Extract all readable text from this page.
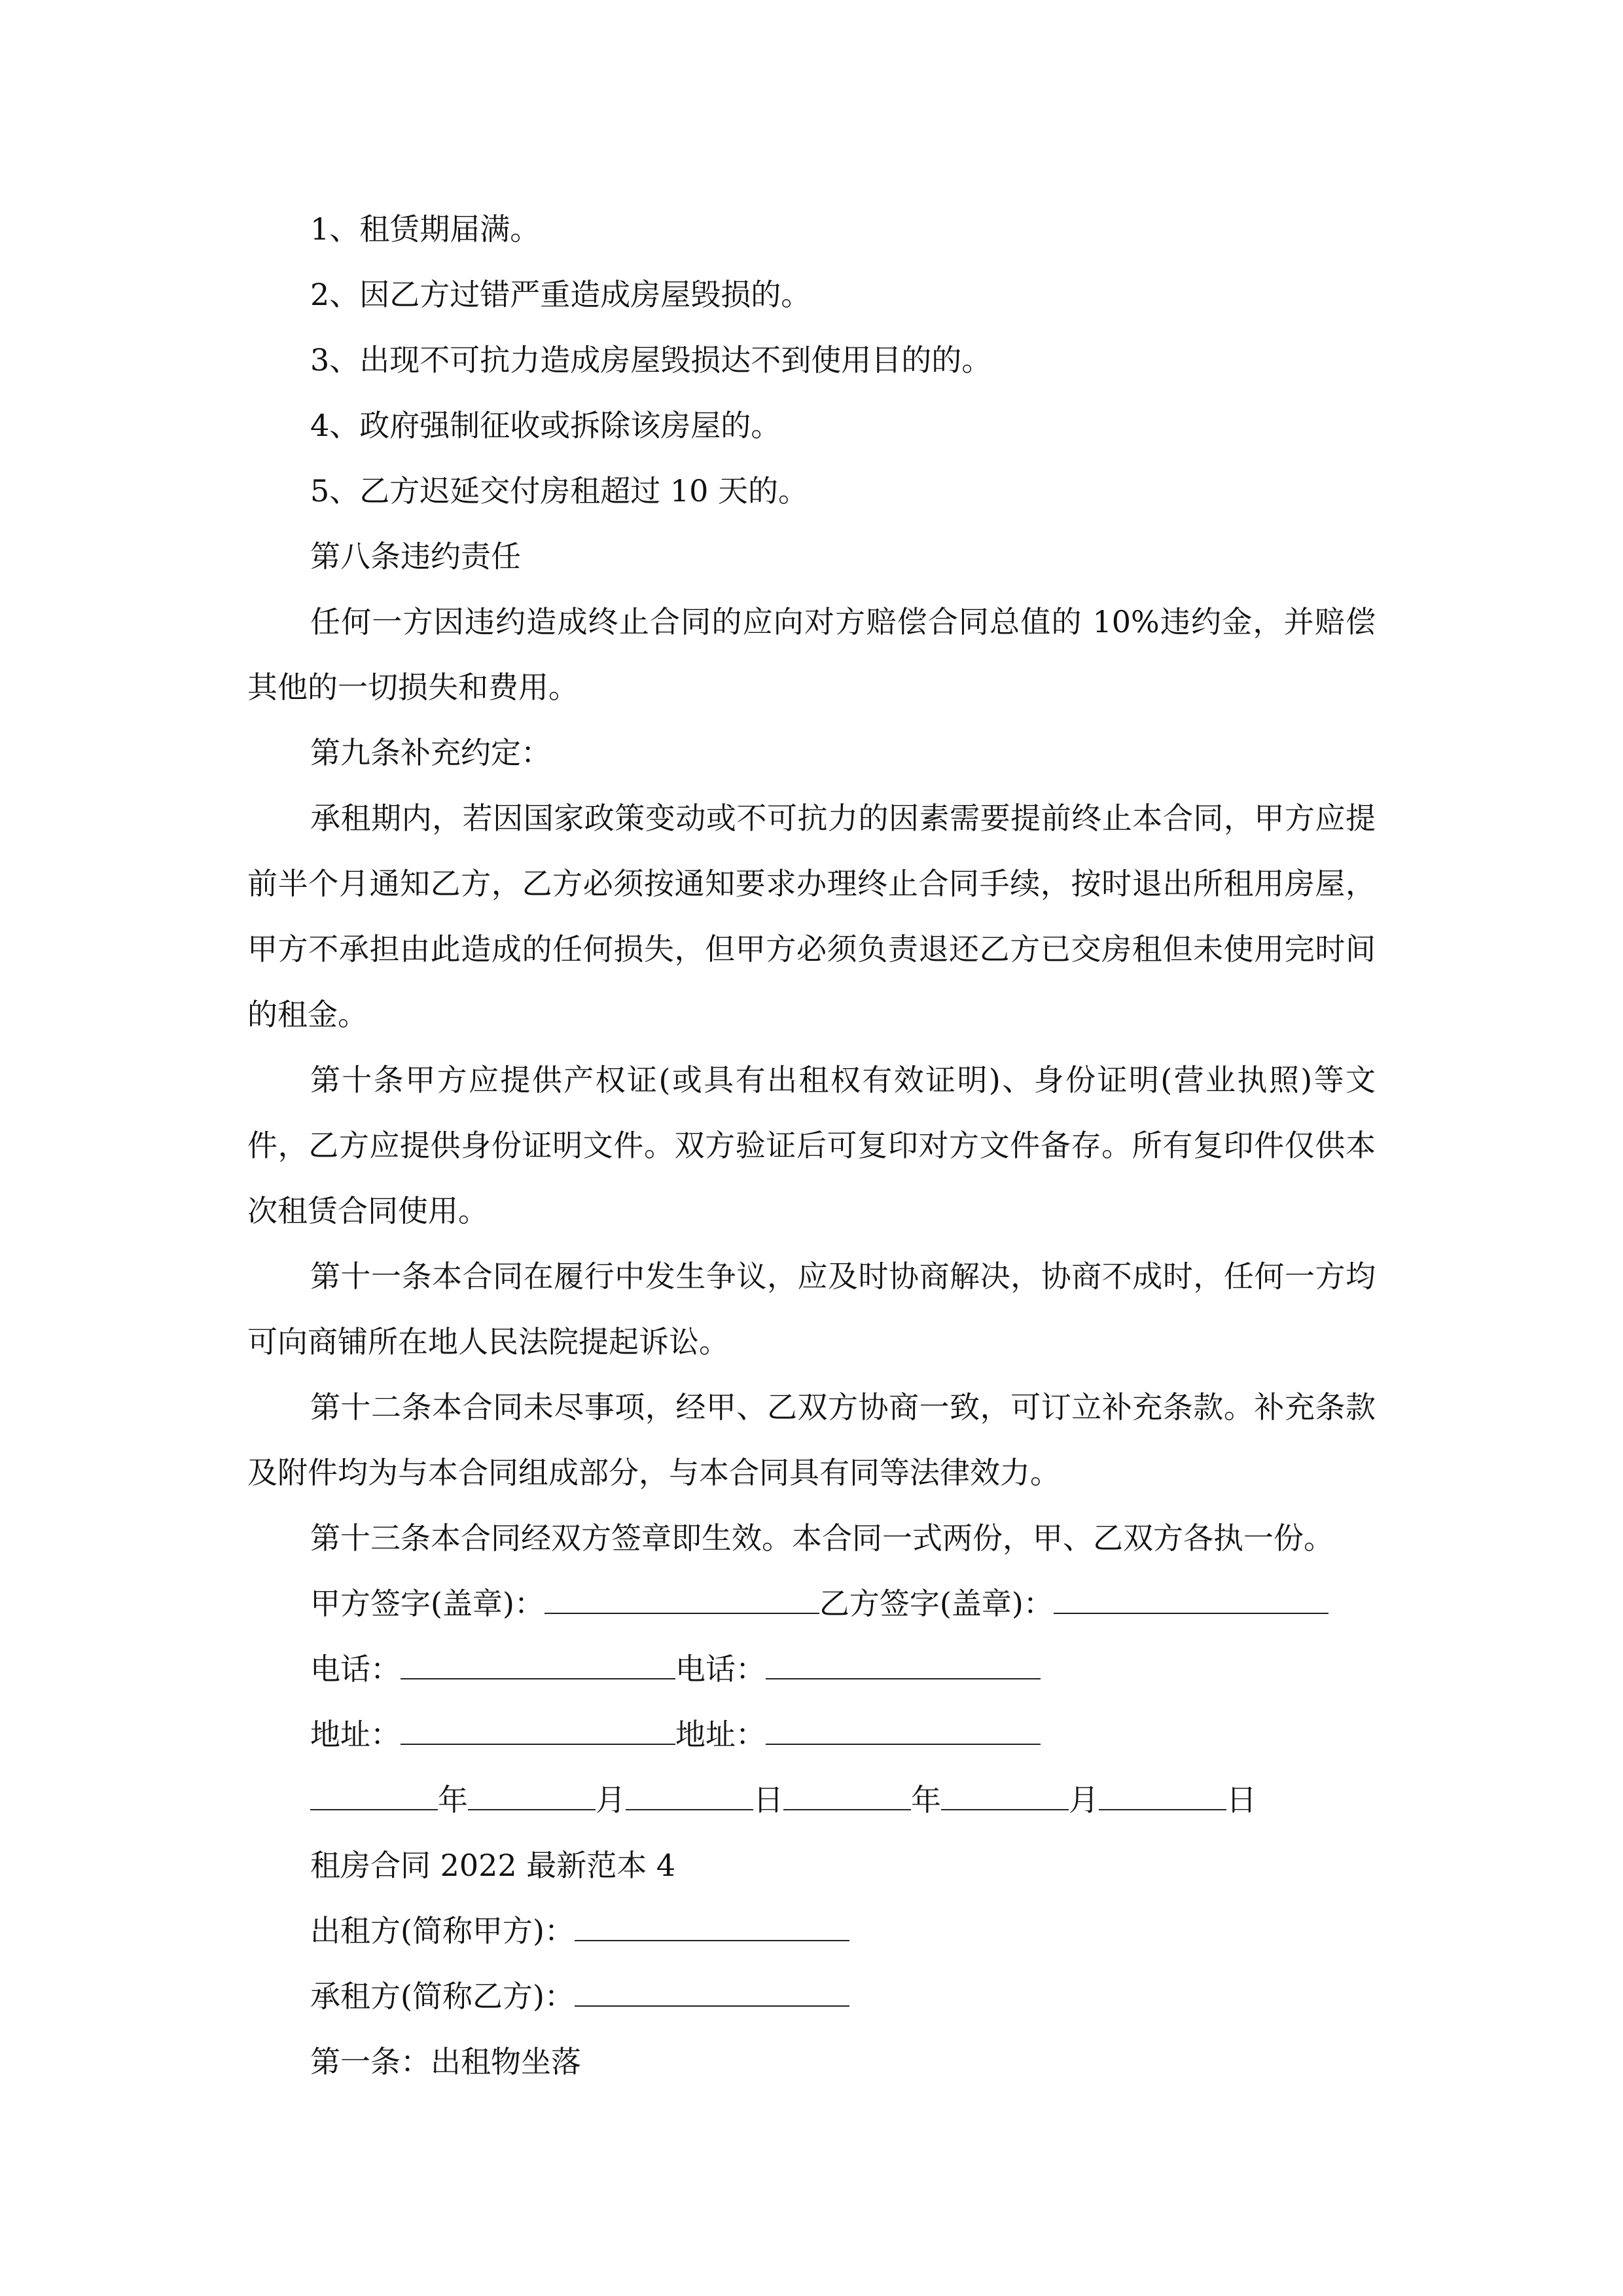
1、租赁期届满。
2、因乙方过错严重造成房屋毁损的。
3、出现不可抗力造成房屋毁损达不到使用目的的。
4、政府强制征收或拆除该房屋的。
5、乙方迟延交付房租超过 10 天的。
第八条违约责任
任何一方因违约造成终止合同的应向对方赔偿合同总值的 10%违约金，并赔偿其他的一切损失和费用。
第九条补充约定：
承租期内，若因国家政策变动或不可抗力的因素需要提前终止本合同，甲方应提前半个月通知乙方，乙方必须按通知要求办理终止合同手续，按时退出所租用房屋，甲方不承担由此造成的任何损失，但甲方必须负责退还乙方已交房租但未使用完时间的租金。
第十条甲方应提供产权证(或具有出租权有效证明)、身份证明(营业执照)等文件，乙方应提供身份证明文件。双方验证后可复印对方文件备存。所有复印件仅供本次租赁合同使用。
第十一条本合同在履行中发生争议，应及时协商解决，协商不成时，任何一方均可向商铺所在地人民法院提起诉讼。
第十二条本合同未尽事项，经甲、乙双方协商一致，可订立补充条款。补充条款及附件均为与本合同组成部分，与本合同具有同等法律效力。
第十三条本合同经双方签章即生效。本合同一式两份，甲、乙双方各执一份。
甲方签字(盖章)：	乙方签字(盖章)：
电话：	电话：
地址：	地址：
年	月	日	年	月	日
租房合同 2022 最新范本 4
出租方(简称甲方)：
承租方(简称乙方)：
第一条：出租物坐落
